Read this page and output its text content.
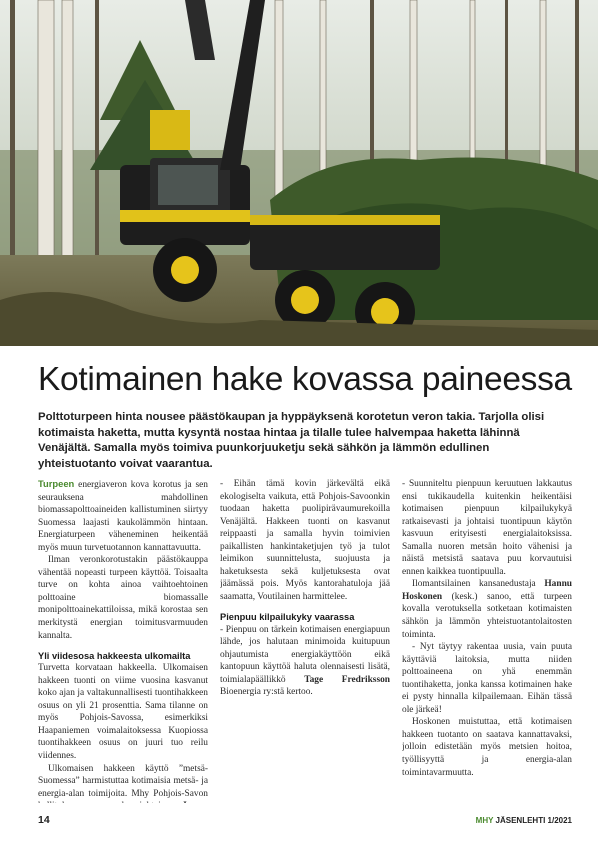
Kotimainen hake kovassa paineessa

Polttoturpeen hinta nousee päästökaupan ja hyppäyksenä korotetun veron takia. Tarjolla olisi kotimaista haketta, mutta kysyntä nostaa hintaa ja tilalle tulee halvempaa haketta lähinnä Venäjältä. Samalla myös toimiva puunkorjuuketju sekä sähkön ja lämmön edullinen yhteistuotanto voivat vaarantua.

Turpeen energiaveron kova korotus ja sen seurauksena mahdollinen biomassapolttoaineiden kallistuminen siirtyy Suomessa laajasti kaukolämmön hintaan. Energiaturpeen väheneminen heikentää myös muun turvetuotannon kannattavuutta.

Ilman veronkorotustakin päästökauppa vähentää nopeasti turpeen käyttöä. Toisaalta turve on kohta ainoa vaihtoehtoinen polttoaine biomassalle monipolttoainekattiloissa, mikä korostaa sen merkitystä energian toimitusvarmuuden kannalta.

Yli viidesosa hakkeesta ulkomailta

Turvetta korvataan hakkeella. Ulkomaisen hakkeen tuonti on viime vuosina kasvanut koko ajan ja valtakunnallisesti tuontihakkeen osuus on yli 21 prosenttia. Sama tilanne on myös Pohjois-Savossa, esimerkiksi Haapaniemen voimalaitoksessa Kuopiossa tuontihakkeen osuus on juuri tuo reilu viidennes.

Ulkomaisen hakkeen käyttö ”metsä-Suomessa” harmistuttaa kotimaisia metsä- ja energia-alan toimijoita. Mhy Pohjois-Savon

- Eihän tämä kovin järkevältä eikä ekologiselta vaikuta, että Pohjois-Savoonkin tuodaan haketta puolipirävaumurekoilla Venäjältä. Hakkeen tuonti on kasvanut reippaasti ja samalla hyvin toimivien paikallisten hankintaketjujen työ ja tulot leimikon suunnittelusta, suojuusta ja haketuksesta sekä kuljetuksesta ovat jäämässä pois. Myös kantorahatuloja jää saamatta, Voutilainen harmittelee.

Pienpuu kilpailukyky vaarassa

- Pienpuu on tärkein kotimaisen energiapuun lähde, jos halutaan minimoida kuitupuun ohjautumista energiakäyttöön eikä kantopuun käyttöä haluta olennaisesti lisätä, toimialapäällikkö Tage Fredriksson Bioenergia ry:stä kertoo.

- Suunniteltu pienpuun keruutuen lakkautus ensi tukikaudella kuitenkin heikentäisi kotimaisen pienpuun kilpailukykyä ratkaisevasti ja johtaisi tuontipuun käytön kasvuun erityisesti energialaitoksissa. Samalla nuoren metsän hoito vähenisi ja näistä metsistä saatava puu korvautuisi ennen kaikkea tuontipuulla.

Ilomantsilainen kansanedustaja Hannu Hoskonen (kesk.) sanoo, että turpeen kovalla verotuksella sotketaan kotimaisten sähkön ja lämmön yhteistuotantolaitosten toiminta.

- Nyt täytyy rakentaa uusia, vain puuta käyttäviä laitoksia, mutta niiden polttoaineena on yhä enemmän tuontihaketta, jonka kanssa kotimainen hake ei pysty hinnalla kilpailemaan. Eihän tässä ole järkeä!

Hoskonen muistuttaa, että kotimaisen hakkeen tuotanto on saatava kannattavaksi, jolloin edistetään myös metsien hoitoa, työllisyyttä ja energia-alan toimintavarmuutta.

14	MHY JÄSENLEHTI 1/2021
